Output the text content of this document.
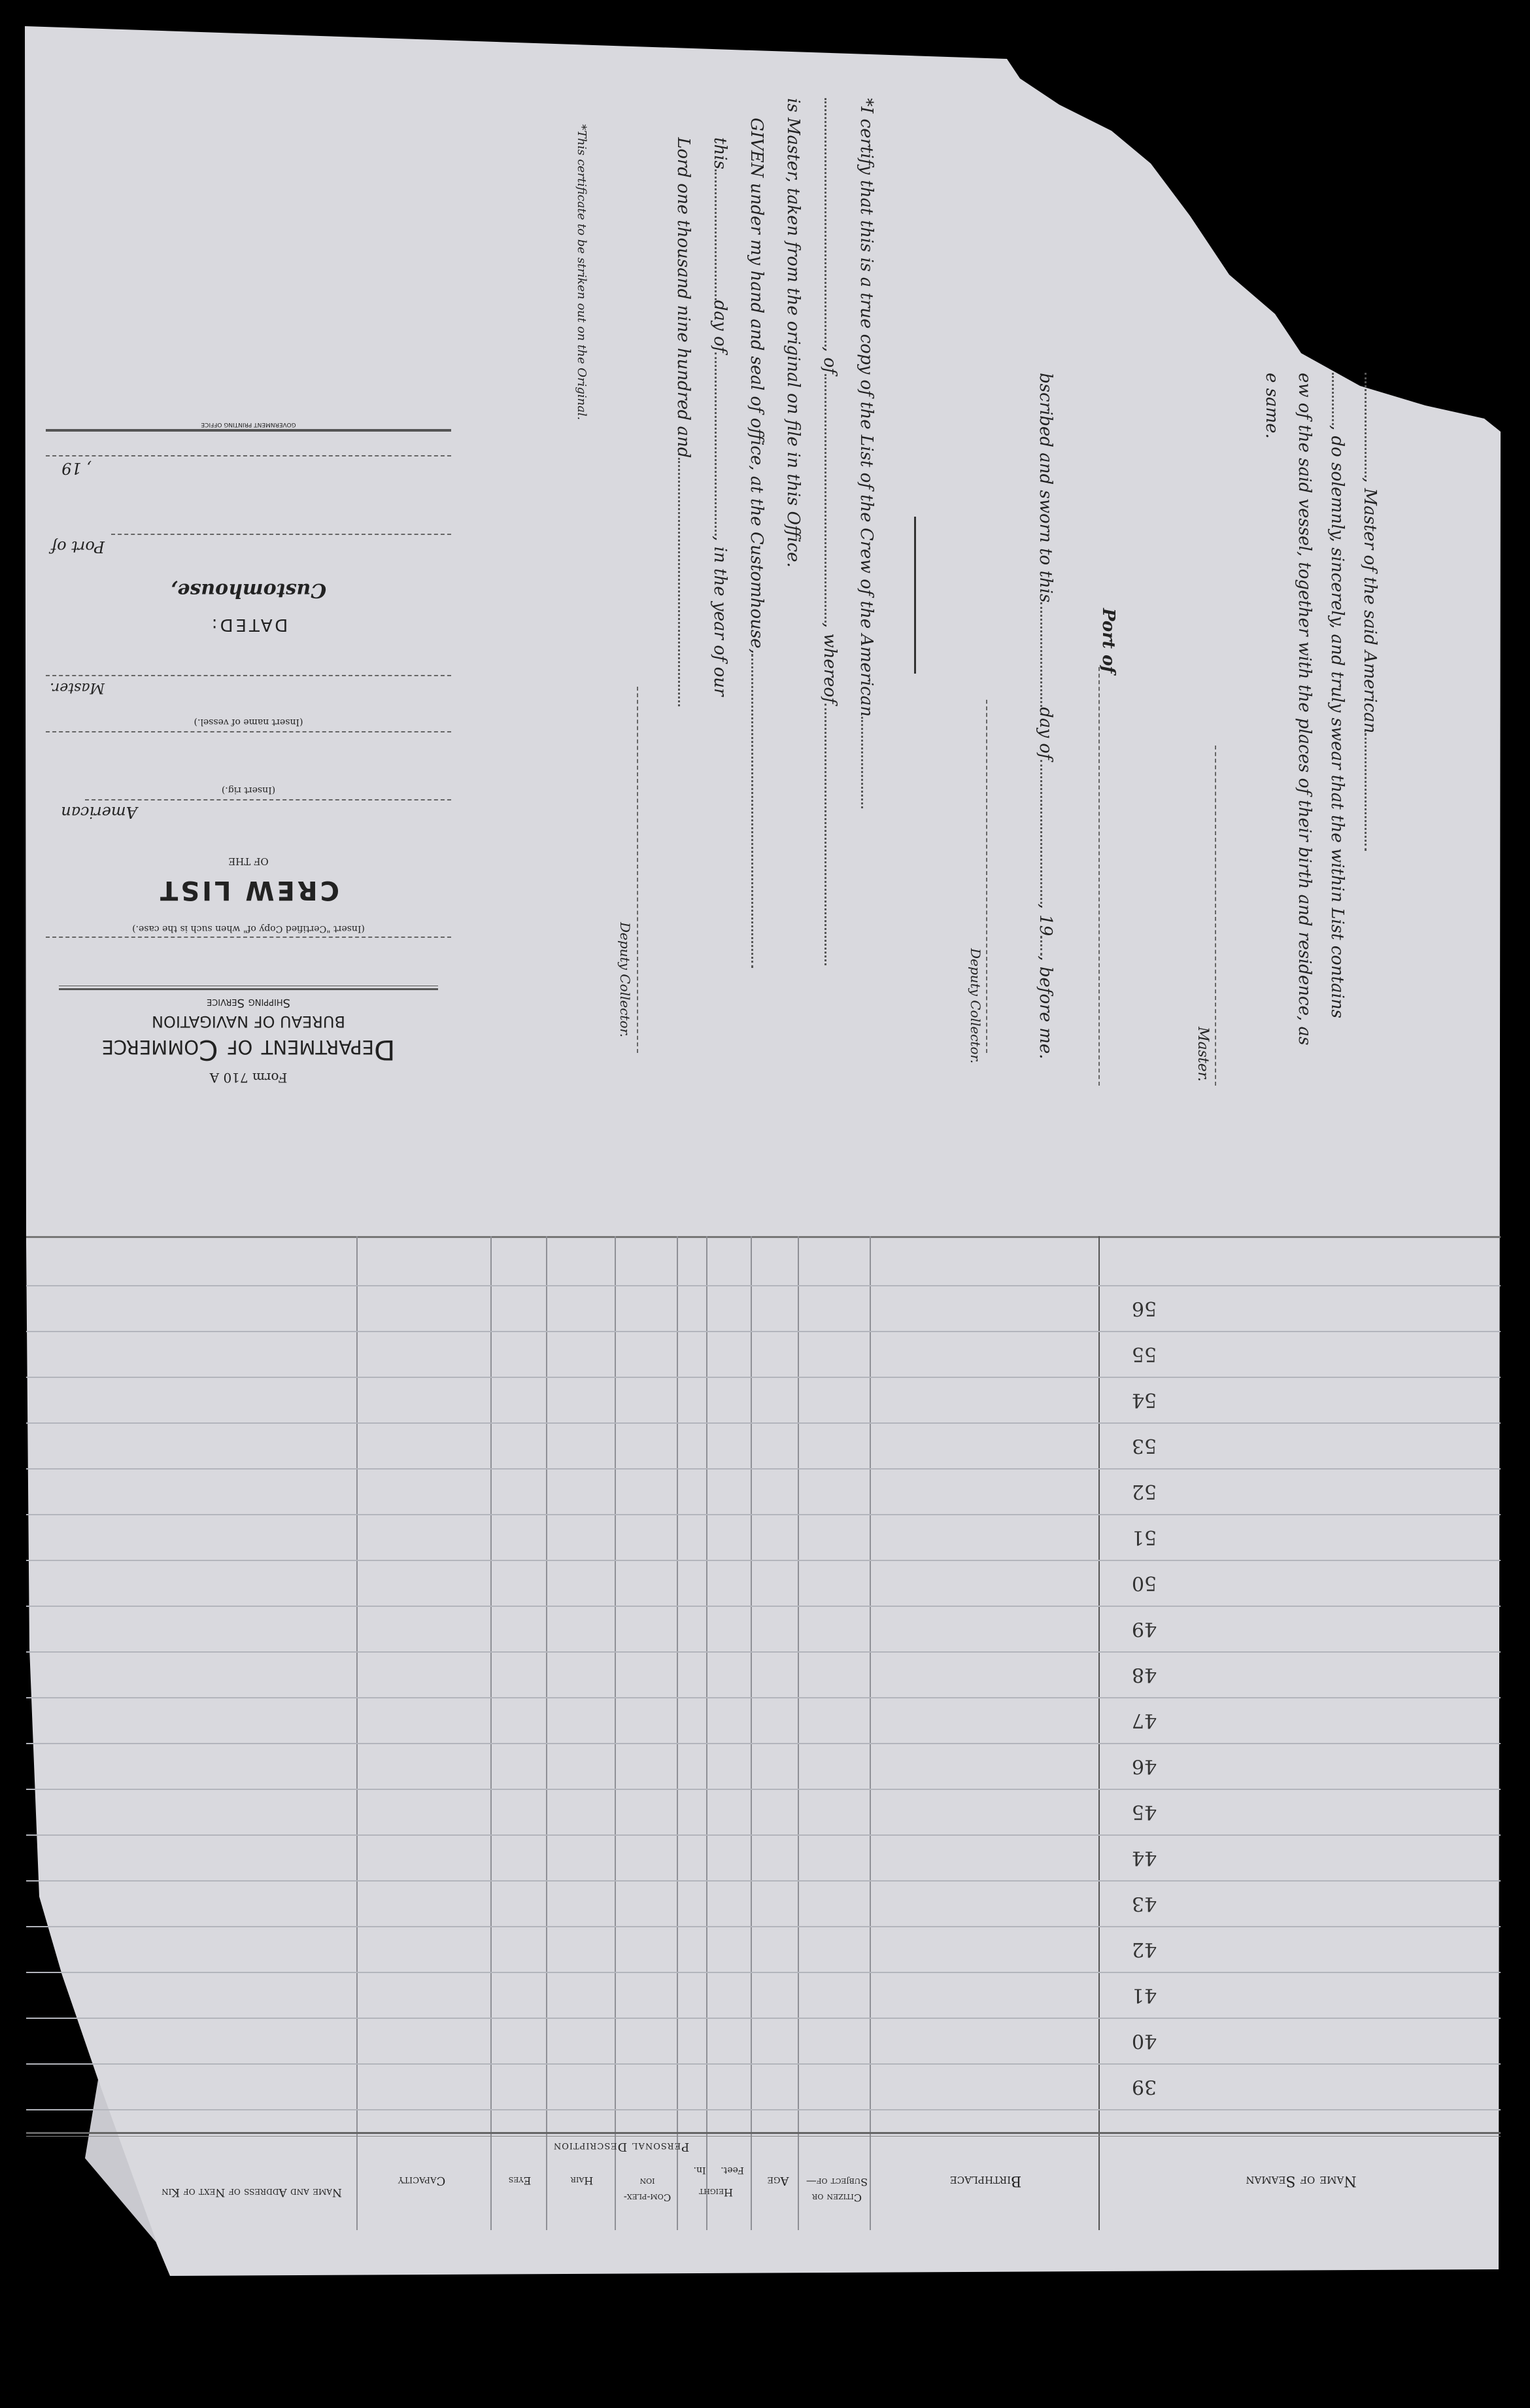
Form 710 A
Department of Commerce
BUREAU OF NAVIGATION
Shipping Service
(Insert "Certified Copy of" when such is the case.)
CREW LIST
OF THE
American
(Insert rig.)
(Insert name of vessel.)
Master.
DATED:
Customhouse,
Port of
, 19
GOVERNMENT PRINTING OFFICE
*This certificate to be striken out on the Original.
, Master of the said American
, do solemnly, sincerely, and truly swear that the within List contains
ew of the said vessel, together with the places of their birth and residence, as
e same.
Master.
Port of
bscribed and sworn to thisday of, 19, before me.
Deputy Collector.
*I certify that this is a true copy of the List of the Crew of the American
, of, whereof
is Master, taken from the original on file in this Office.
GIVEN under my hand and seal of office, at the Customhouse,
thisday of, in the year of our
Lord one thousand nine hundred and
Deputy Collector.
39
40
41
42
43
44
45
46
47
48
49
50
51
52
53
54
55
56
Name of Seaman
Birthplace
Citizen or Subject of—
Age
Personal Description
Height
Feet.
In.
Com-plex-ion
Hair
Eyes
Capacity
Name and Address of Next of Kin
